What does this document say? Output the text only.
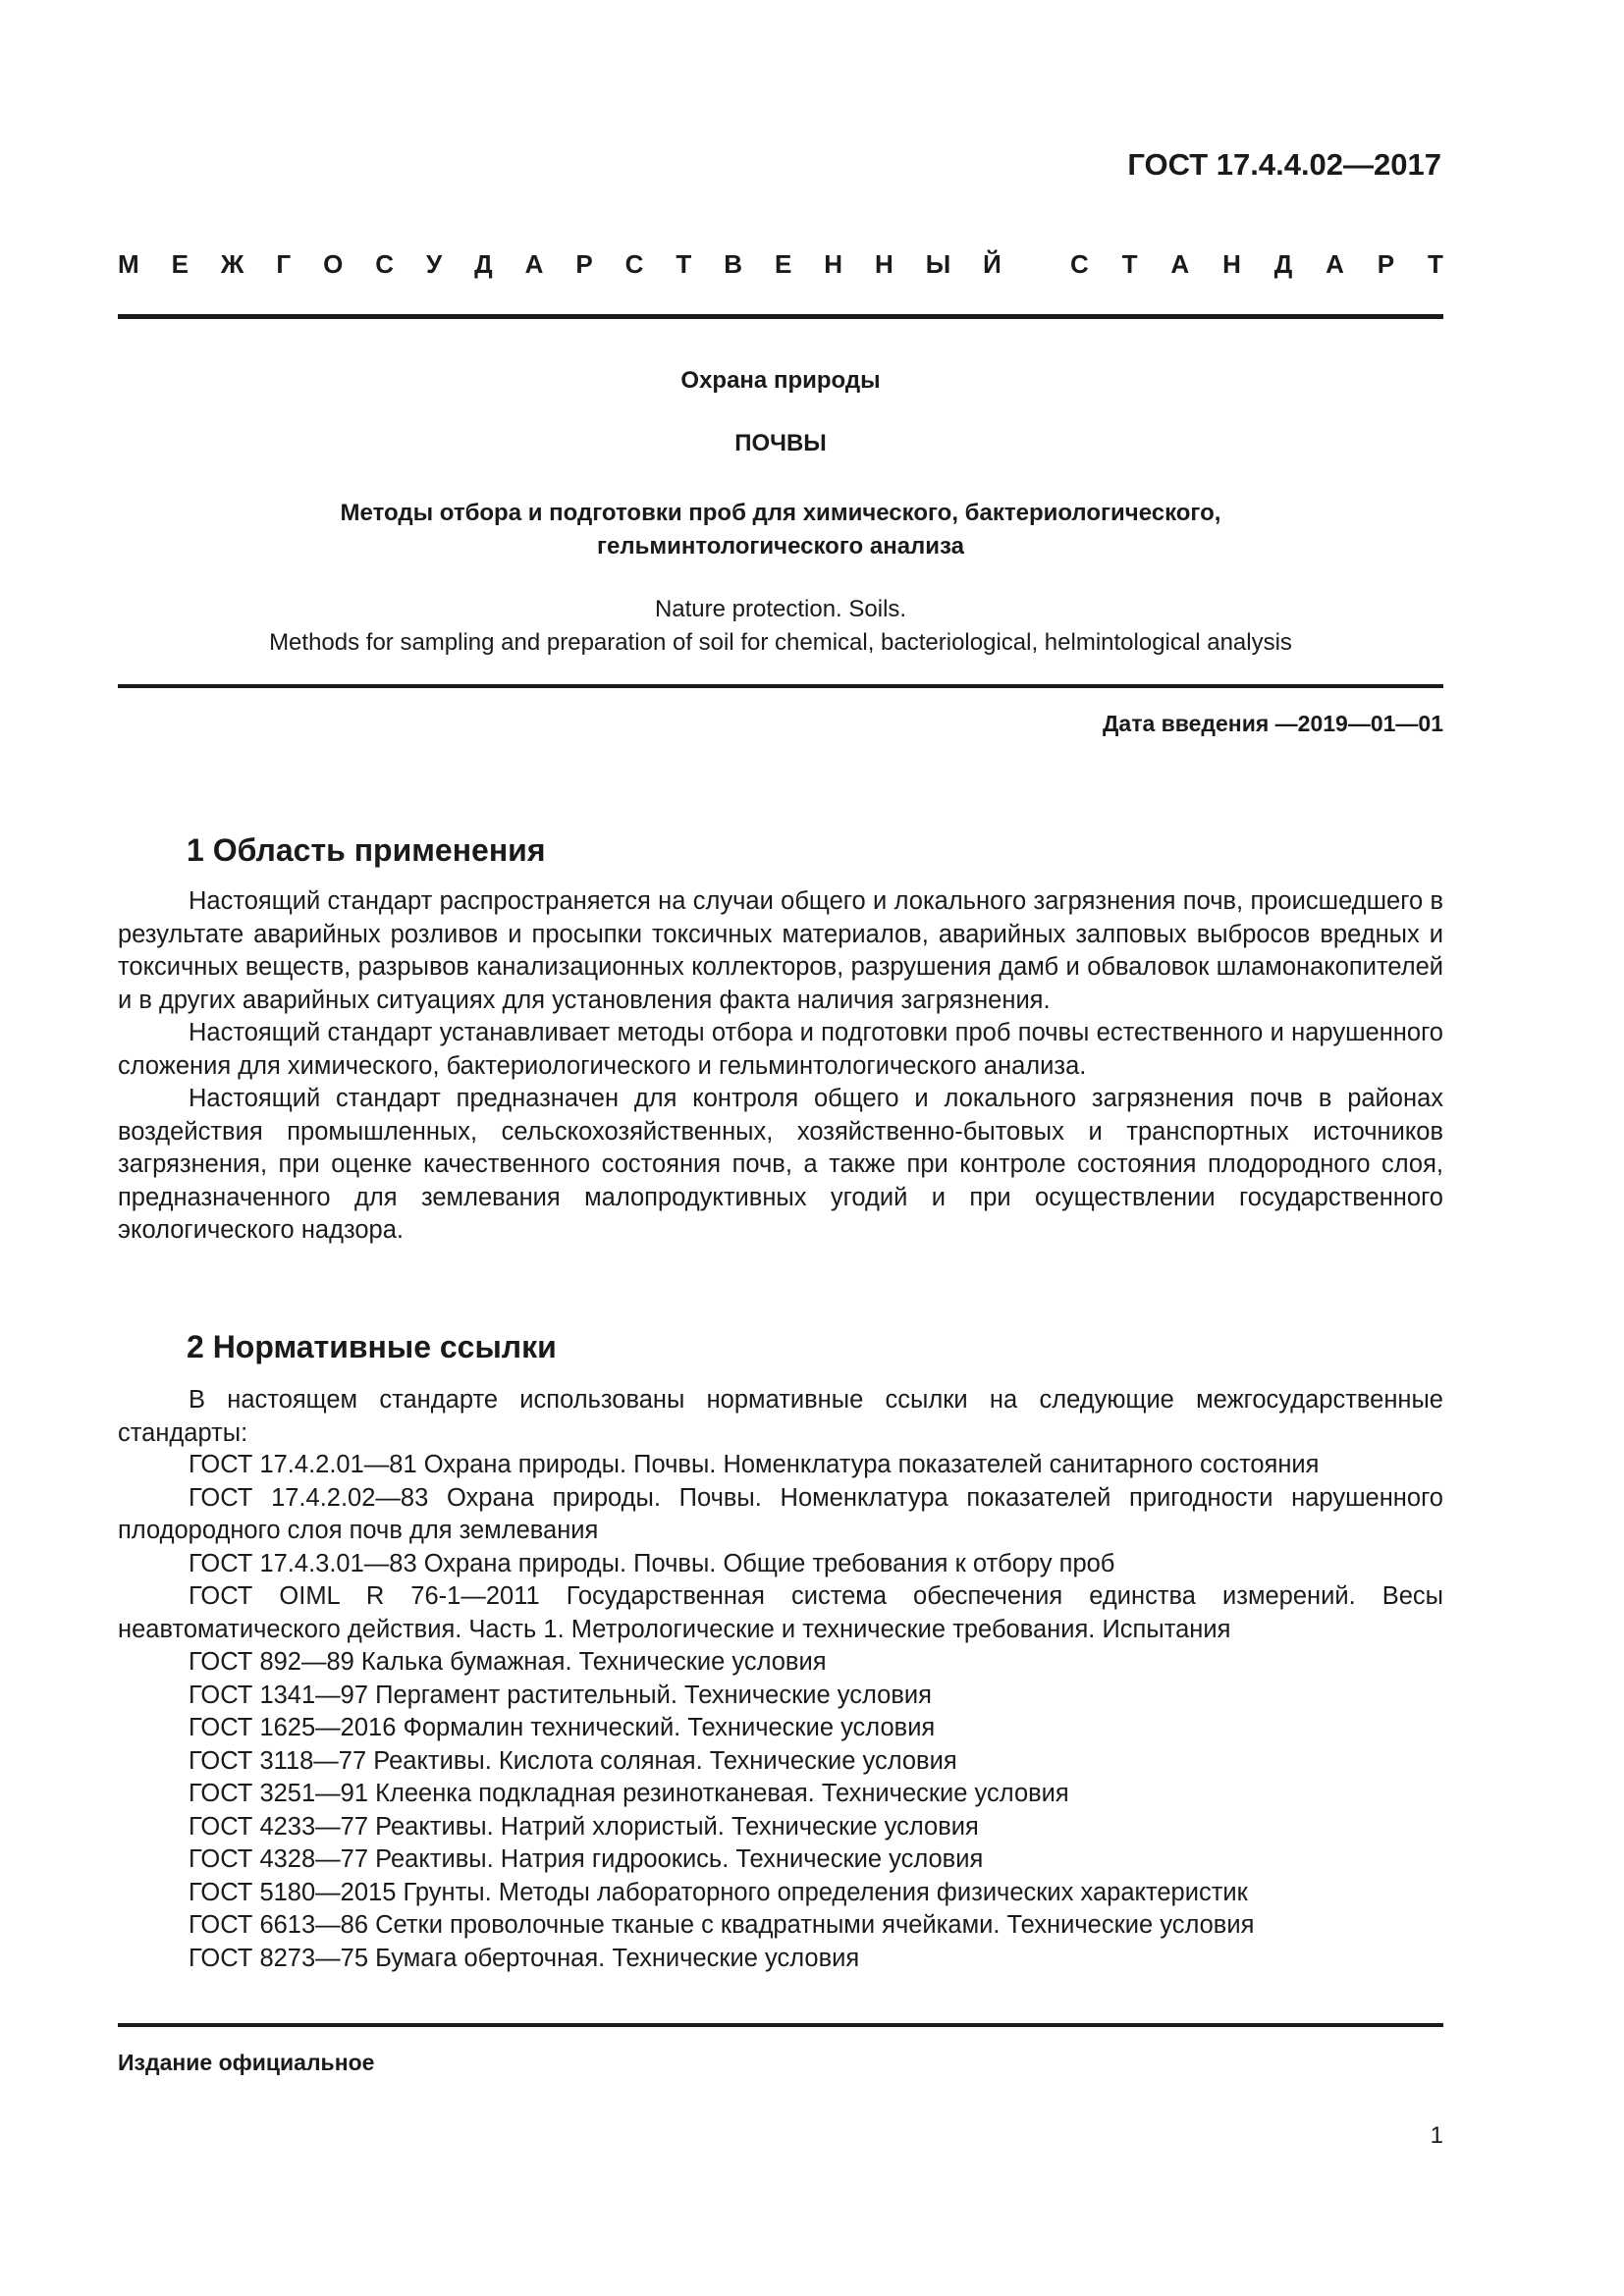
ГОСТ 17.4.4.02—2017
М Е Ж Г О С У Д А Р С Т В Е Н Н Ы Й	С Т А Н Д А Р Т
Охрана природы
ПОЧВЫ
Методы отбора и подготовки проб для химического, бактериологического,
гельминтологического анализа
Nature protection. Soils.
Methods for sampling and preparation of soil for chemical, bacteriological, helmintological analysis
Дата введения —2019—01—01
1 Область применения

Настоящий стандарт распространяется на случаи общего и локального загрязнения почв, происшедшего в результате аварийных розливов и просыпки токсичных материалов, аварийных залповых выбросов вредных и токсичных веществ, разрывов канализационных коллекторов, разрушения дамб и обваловок шламонакопителей и в других аварийных ситуациях для установления факта наличия загрязнения.

Настоящий стандарт устанавливает методы отбора и подготовки проб почвы естественного и нарушенного сложения для химического, бактериологического и гельминтологического анализа.

Настоящий стандарт предназначен для контроля общего и локального загрязнения почв в районах воздействия промышленных, сельскохозяйственных, хозяйственно-бытовых и транспортных источников загрязнения, при оценке качественного состояния почв, а также при контроле состояния плодородного слоя, предназначенного для землевания малопродуктивных угодий и при осуществлении государственного экологического надзора.

2 Нормативные ссылки

В настоящем стандарте использованы нормативные ссылки на следующие межгосударственные стандарты:

ГОСТ 17.4.2.01—81 Охрана природы. Почвы. Номенклатура показателей санитарного состояния
ГОСТ 17.4.2.02—83 Охрана природы. Почвы. Номенклатура показателей пригодности нарушенного плодородного слоя почв для землевания
ГОСТ 17.4.3.01—83 Охрана природы. Почвы. Общие требования к отбору проб
ГОСТ OIML R 76-1—2011 Государственная система обеспечения единства измерений. Весы неавтоматического действия. Часть 1. Метрологические и технические требования. Испытания
ГОСТ 892—89 Калька бумажная. Технические условия
ГОСТ 1341—97 Пергамент растительный. Технические условия
ГОСТ 1625—2016 Формалин технический. Технические условия
ГОСТ 3118—77 Реактивы. Кислота соляная. Технические условия
ГОСТ 3251—91 Клеенка подкладная резинотканевая. Технические условия
ГОСТ 4233—77 Реактивы. Натрий хлористый. Технические условия
ГОСТ 4328—77 Реактивы. Натрия гидроокись. Технические условия
ГОСТ 5180—2015 Грунты. Методы лабораторного определения физических характеристик
ГОСТ 6613—86 Сетки проволочные тканые с квадратными ячейками. Технические условия
ГОСТ 8273—75 Бумага оберточная. Технические условия
Издание официальное
1
